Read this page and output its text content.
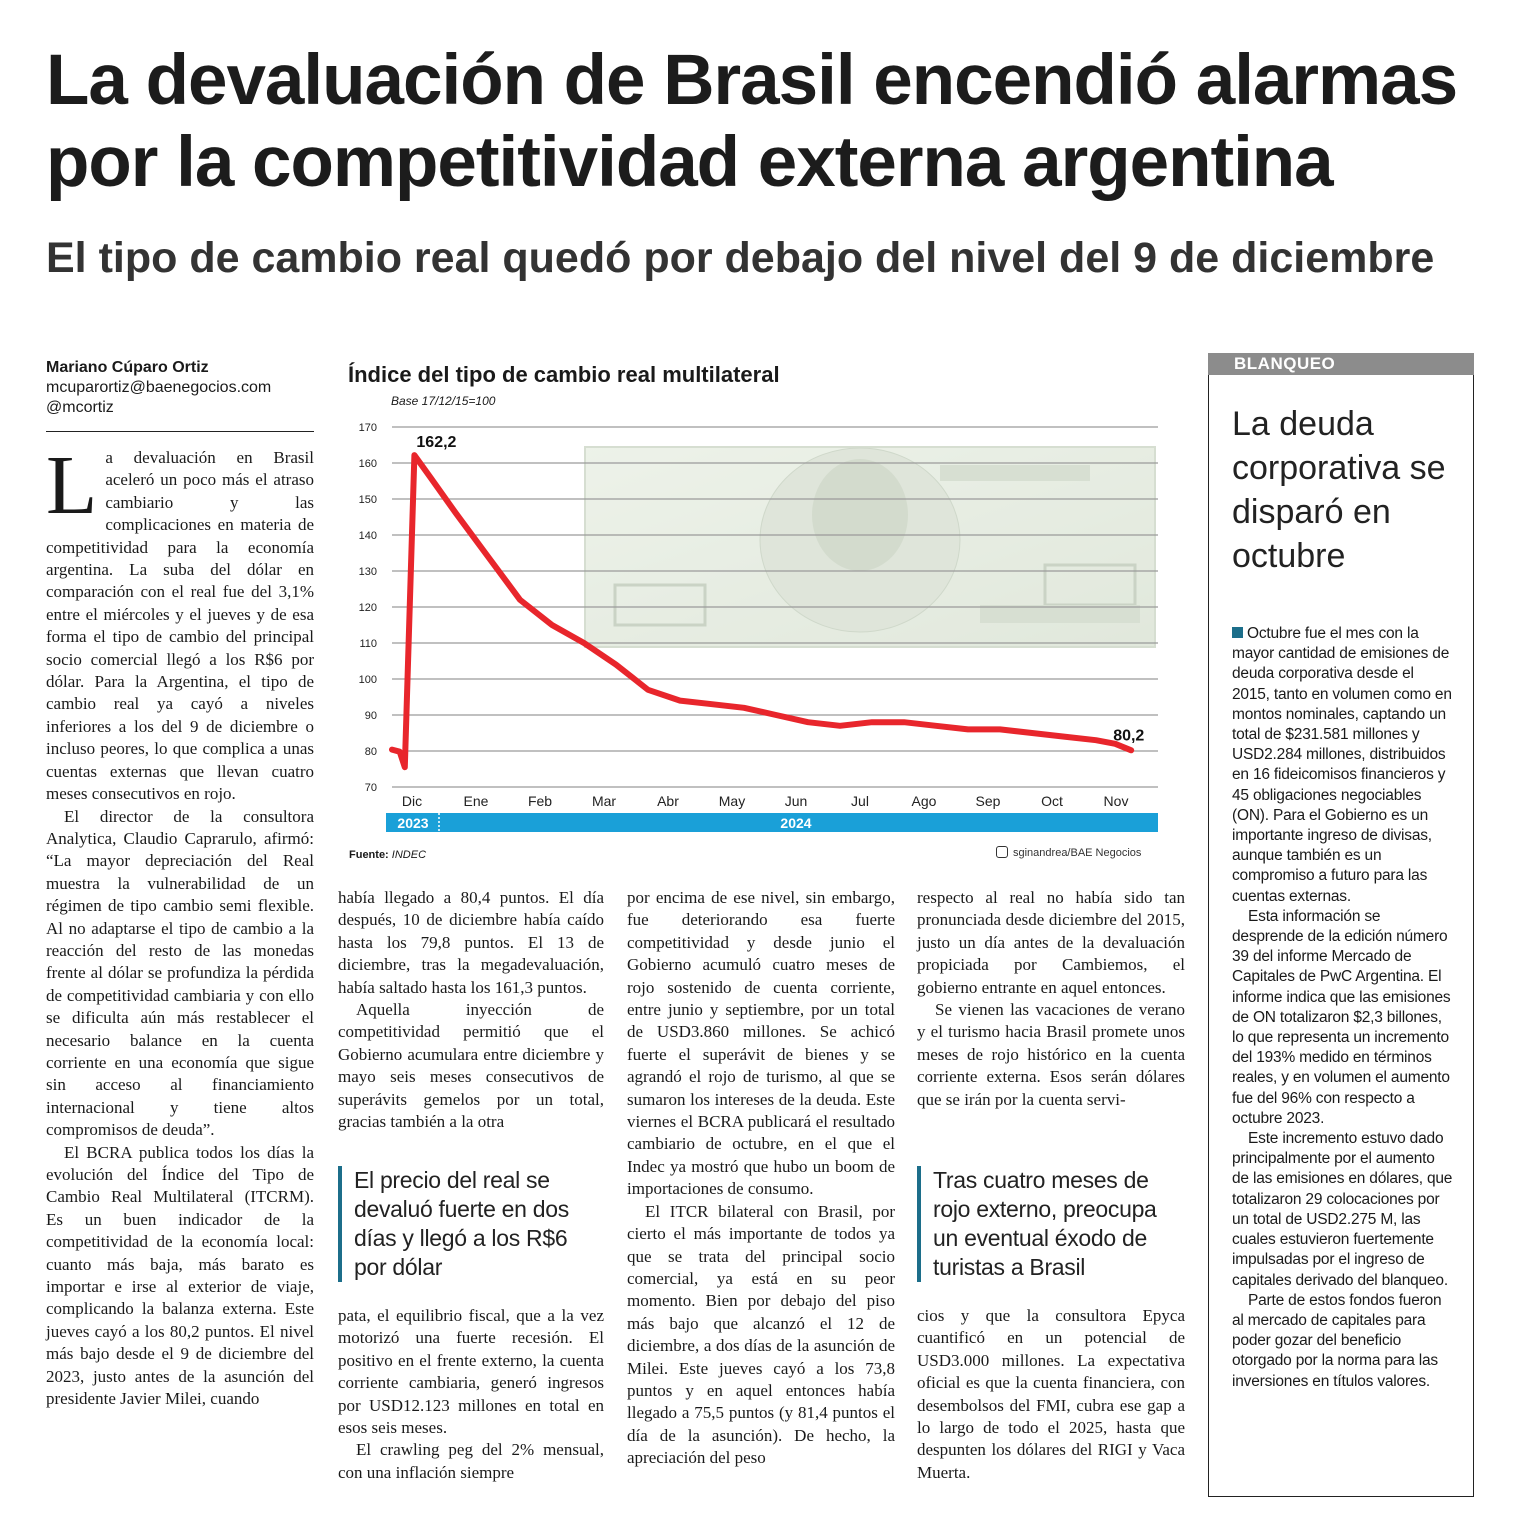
La devaluación de Brasil encendió alarmas por la competitividad externa argentina
El tipo de cambio real quedó por debajo del nivel del 9 de diciembre
Mariano Cúparo Ortiz
mcuparortiz@baenegocios.com
@mcortiz

La devaluación en Brasil aceleró un poco más el atraso cambiario y las complicaciones en materia de competitividad para la economía argentina. La suba del dólar en comparación con el real fue del 3,1% entre el miércoles y el jueves y de esa forma el tipo de cambio del principal socio comercial llegó a los R$6 por dólar. Para la Argentina, el tipo de cambio real ya cayó a niveles inferiores a los del 9 de diciembre o incluso peores, lo que complica a unas cuentas externas que llevan cuatro meses consecutivos en rojo.

El director de la consultora Analytica, Claudio Caprarulo, afirmó: “La mayor depreciación del Real muestra la vulnerabilidad de un régimen de tipo cambio semi flexible. Al no adaptarse el tipo de cambio a la reacción del resto de las monedas frente al dólar se profundiza la pérdida de competitividad cambiaria y con ello se dificulta aún más restablecer el necesario balance en la cuenta corriente en una economía que sigue sin acceso al financiamiento internacional y tiene altos compromisos de deuda”.

El BCRA publica todos los días la evolución del Índice del Tipo de Cambio Real Multilateral (ITCRM). Es un buen indicador de la competitividad de la economía local: cuanto más baja, más barato es importar e irse al exterior de viaje, complicando la balanza externa. Este jueves cayó a los 80,2 puntos. El nivel más bajo desde el 9 de diciembre del 2023, justo antes de la asunción del presidente Javier Milei, cuando

Índice del tipo de cambio real multilateral
Base 17/12/15=100
70
80
90
100
110
120
130
140
150
160
170
Dic	Ene	Feb	Mar	Abr	May	Jun	Jul	Ago	Sep	Oct	Nov
2023	2024
162,2
80,2
Fuente: INDEC	sginandrea/BAE Negocios

había llegado a 80,4 puntos. El día después, 10 de diciembre había caído hasta los 79,8 puntos. El 13 de diciembre, tras la megadevaluación, había saltado hasta los 161,3 puntos.

Aquella inyección de competitividad permitió que el Gobierno acumulara entre diciembre y mayo seis meses consecutivos de superávits gemelos por un total, gracias también a la otra

El precio del real se devaluó fuerte en dos días y llegó a los R$6 por dólar

pata, el equilibrio fiscal, que a la vez motorizó una fuerte recesión. El positivo en el frente externo, la cuenta corriente cambiaria, generó ingresos por USD12.123 millones en total en esos seis meses.

El crawling peg del 2% mensual, con una inflación siempre

por encima de ese nivel, sin embargo, fue deteriorando esa fuerte competitividad y desde junio el Gobierno acumuló cuatro meses de rojo sostenido de cuenta corriente, entre junio y septiembre, por un total de USD3.860 millones. Se achicó fuerte el superávit de bienes y se agrandó el rojo de turismo, al que se sumaron los intereses de la deuda. Este viernes el BCRA publicará el resultado cambiario de octubre, en el que el Indec ya mostró que hubo un boom de importaciones de consumo.

El ITCR bilateral con Brasil, por cierto el más importante de todos ya que se trata del principal socio comercial, ya está en su peor momento. Bien por debajo del piso más bajo que alcanzó el 12 de diciembre, a dos días de la asunción de Milei. Este jueves cayó a los 73,8 puntos y en aquel entonces había llegado a 75,5 puntos (y 81,4 puntos el día de la asunción). De hecho, la apreciación del peso

respecto al real no había sido tan pronunciada desde diciembre del 2015, justo un día antes de la devaluación propiciada por Cambiemos, el gobierno entrante en aquel entonces.

Se vienen las vacaciones de verano y el turismo hacia Brasil promete unos meses de rojo histórico en la cuenta corriente externa. Esos serán dólares que se irán por la cuenta servi-

Tras cuatro meses de rojo externo, preocupa un eventual éxodo de turistas a Brasil

cios y que la consultora Epyca cuantificó en un potencial de USD3.000 millones. La expectativa oficial es que la cuenta financiera, con desembolsos del FMI, cubra ese gap a lo largo de todo el 2025, hasta que despunten los dólares del RIGI y Vaca Muerta.

BLANQUEO
La deuda corporativa se disparó en octubre

Octubre fue el mes con la mayor cantidad de emisiones de deuda corporativa desde el 2015, tanto en volumen como en montos nominales, captando un total de $231.581 millones y USD2.284 millones, distribuidos en 16 fideicomisos financieros y 45 obligaciones negociables (ON). Para el Gobierno es un importante ingreso de divisas, aunque también es un compromiso a futuro para las cuentas externas.

Esta información se desprende de la edición número 39 del informe Mercado de Capitales de PwC Argentina. El informe indica que las emisiones de ON totalizaron $2,3 billones, lo que representa un incremento del 193% medido en términos reales, y en volumen el aumento fue del 96% con respecto a octubre 2023.

Este incremento estuvo dado principalmente por el aumento de las emisiones en dólares, que totalizaron 29 colocaciones por un total de USD2.275 M, las cuales estuvieron fuertemente impulsadas por el ingreso de capitales derivado del blanqueo.

Parte de estos fondos fueron al mercado de capitales para poder gozar del beneficio otorgado por la norma para las inversiones en títulos valores.
